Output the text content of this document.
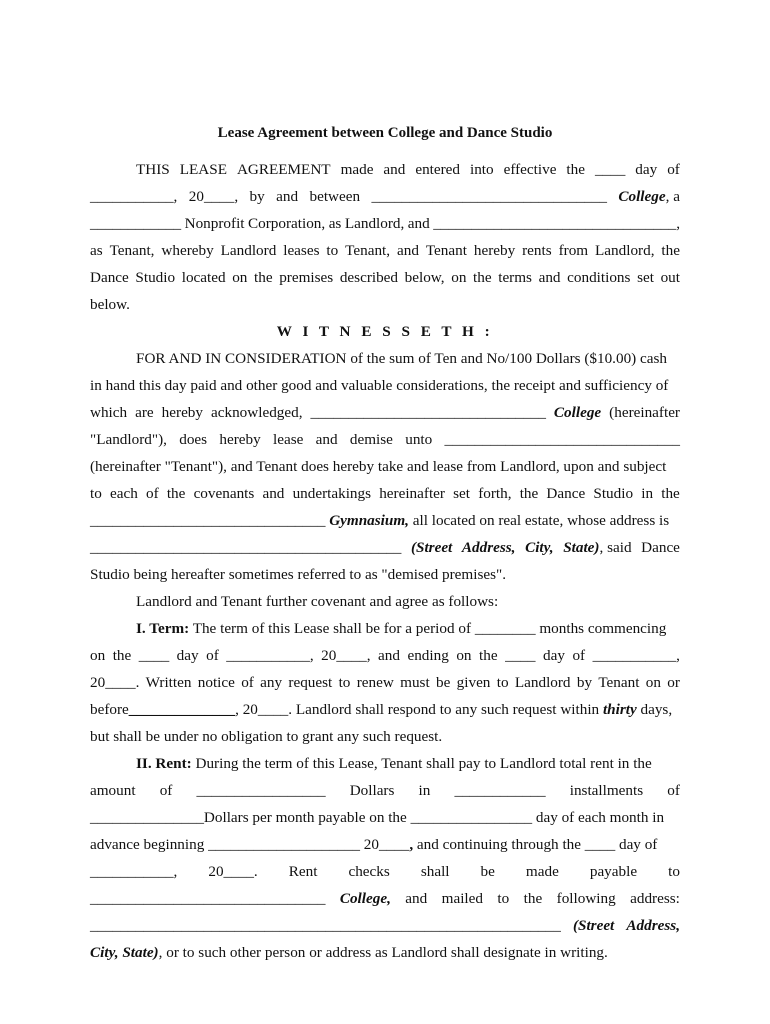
Lease Agreement between College and Dance Studio
THIS LEASE AGREEMENT made and entered into effective the ____ day of
___________, 20____, by and between _______________________________ College, a
____________ Nonprofit Corporation, as Landlord, and ________________________________,
as Tenant, whereby Landlord leases to Tenant, and Tenant hereby rents from Landlord, the
Dance Studio located on the premises described below, on the terms and conditions set out
below.
W I T N E S S E T H :
FOR AND IN CONSIDERATION of the sum of Ten and No/100 Dollars ($10.00) cash
in hand this day paid and other good and valuable considerations, the receipt and sufficiency of
which are hereby acknowledged, _______________________________ College (hereinafter
"Landlord"), does hereby lease and demise unto _______________________________
(hereinafter "Tenant"), and Tenant does hereby take and lease from Landlord, upon and subject
to each of the covenants and undertakings hereinafter set forth, the Dance Studio in the
_______________________________ Gymnasium, all located on real estate, whose address is
_________________________________________ (Street Address, City, State), said Dance
Studio being hereafter sometimes referred to as "demised premises".
Landlord and Tenant further covenant and agree as follows:
I. Term: The term of this Lease shall be for a period of ________ months commencing
on the ____ day of ___________, 20____, and ending on the ____ day of ___________,
20____. Written notice of any request to renew must be given to Landlord by Tenant on or
before______________, 20____. Landlord shall respond to any such request within thirty days,
but shall be under no obligation to grant any such request.
II. Rent: During the term of this Lease, Tenant shall pay to Landlord total rent in the
amount of _________________ Dollars in ____________ installments of
_______________Dollars per month payable on the ________________ day of each month in
advance beginning ____________________ 20____, and continuing through the ____ day of
___________, 20____. Rent checks shall be made payable to
_______________________________ College, and mailed to the following address:
______________________________________________________________ (Street Address,
City, State), or to such other person or address as Landlord shall designate in writing.
